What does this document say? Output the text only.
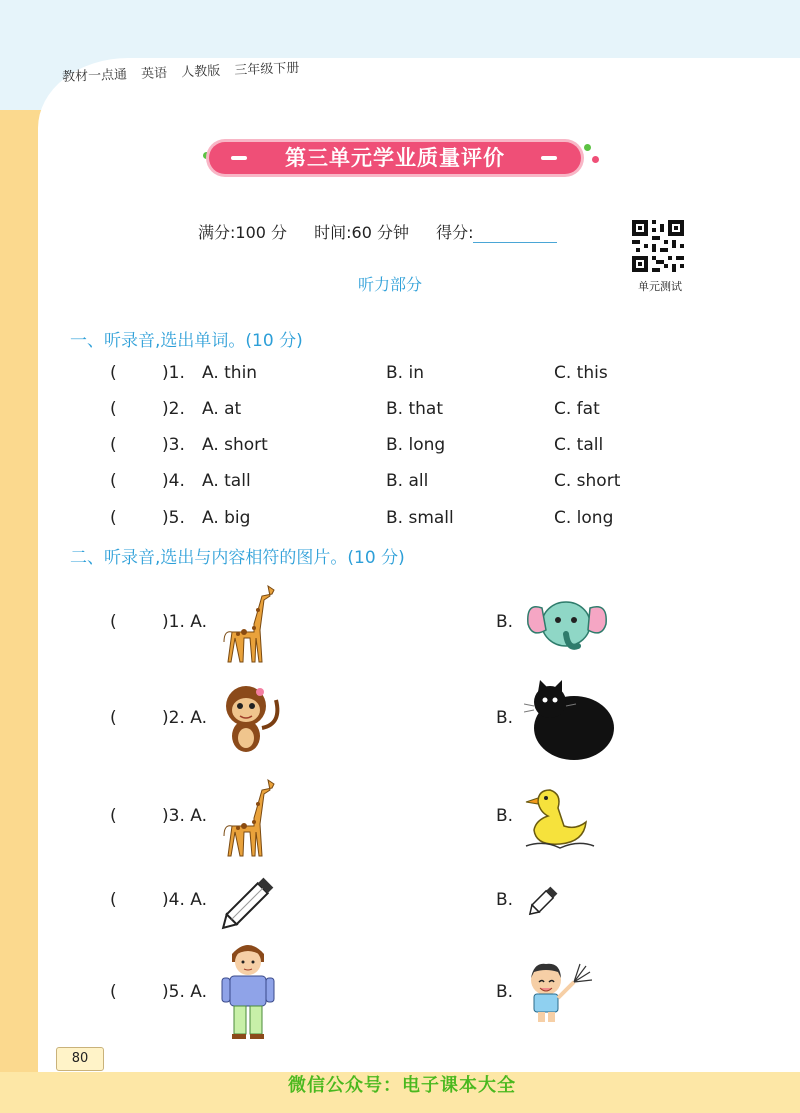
教材一点通 英语 人教版 三年级下册
第三单元学业质量评价
满分:100 分 时间:60 分钟 得分:
单元测试
听力部分
一、听录音,选出单词。(10 分)
(	)1. A. thin	B. in	C. this
(	)2. A. at	B. that	C. fat
(	)3. A. short	B. long	C. tall
(	)4. A. tall	B. all	C. short
(	)5. A. big	B. small	C. long
二、听录音,选出与内容相符的图片。(10 分)
(	)1. A.	B.
(	)2. A.	B.
(	)3. A.	B.
(	)4. A.	B.
(	)5. A.	B.
80
微信公众号：电子课本大全
